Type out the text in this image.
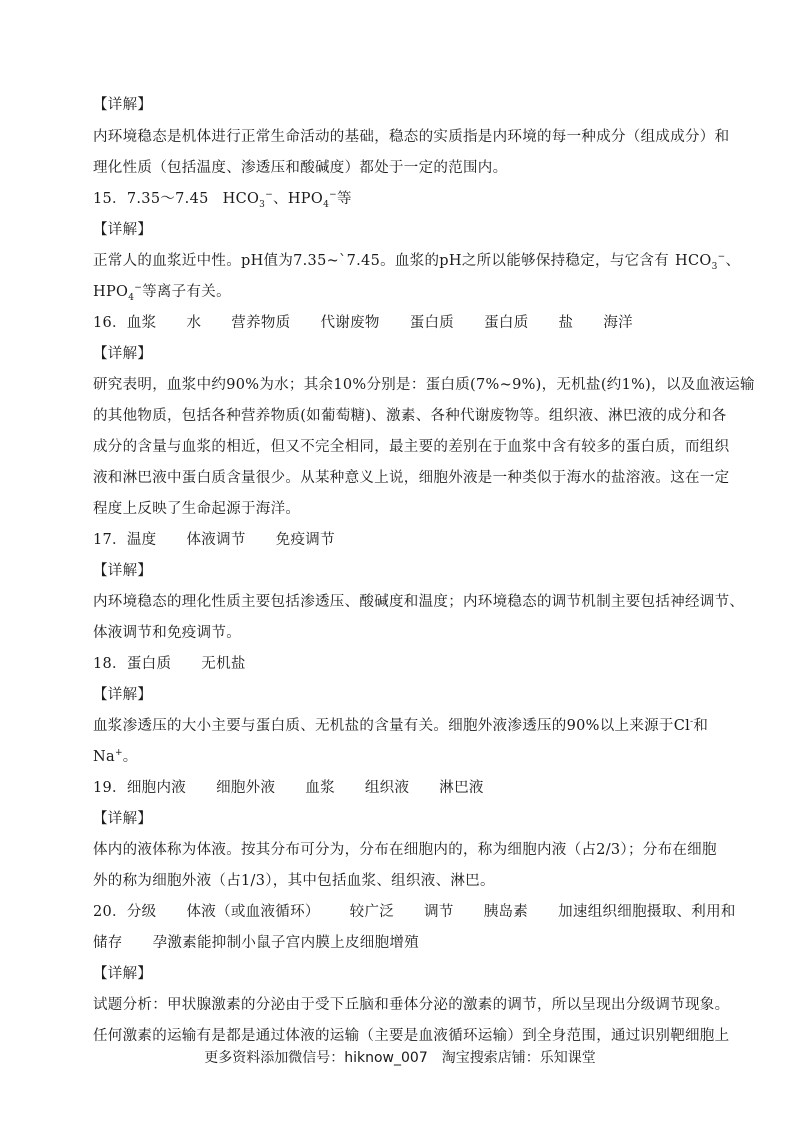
【详解】
内环境稳态是机体进行正常生命活动的基础，稳态的实质指是内环境的每一种成分（组成成分）和
理化性质（包括温度、渗透压和酸碱度）都处于一定的范围内。
15．7.35～7.45 $HCO_3^-$、$HPO_4^-$等
【详解】
正常人的血浆近中性。pH值为7.35~`7.45。血浆的pH之所以能够保持稳定，与它含有 $HCO_3^-$、
$HPO_4^-$等离子有关。
16．血浆 水 营养物质 代谢废物 蛋白质 蛋白质 盐 海洋
【详解】
研究表明，血浆中约90%为水；其余10%分别是：蛋白质(7%~9%)，无机盐(约1%)，以及血液运输
的其他物质，包括各种营养物质(如葡萄糖)、激素、各种代谢废物等。组织液、淋巴液的成分和各
成分的含量与血浆的相近，但又不完全相同，最主要的差别在于血浆中含有较多的蛋白质，而组织
液和淋巴液中蛋白质含量很少。从某种意义上说，细胞外液是一种类似于海水的盐溶液。这在一定
程度上反映了生命起源于海洋。
17．温度 体液调节 免疫调节
【详解】
内环境稳态的理化性质主要包括渗透压、酸碱度和温度；内环境稳态的调节机制主要包括神经调节、
体液调节和免疫调节。
18．蛋白质 无机盐
【详解】
血浆渗透压的大小主要与蛋白质、无机盐的含量有关。细胞外液渗透压的90%以上来源于Cl-和
Na+。
19．细胞内液 细胞外液 血浆 组织液 淋巴液
【详解】
体内的液体称为体液。按其分布可分为，分布在细胞内的，称为细胞内液（占2/3）；分布在细胞
外的称为细胞外液（占1/3），其中包括血浆、组织液、淋巴。
20．分级 体液（或血液循环） 较广泛 调节 胰岛素 加速组织细胞摄取、利用和
储存 孕激素能抑制小鼠子宫内膜上皮细胞增殖
【详解】
试题分析：甲状腺激素的分泌由于受下丘脑和垂体分泌的激素的调节，所以呈现出分级调节现象。
任何激素的运输有是都是通过体液的运输（主要是血液循环运输）到全身范围，通过识别靶细胞上
更多资料添加微信号：hiknow_007　淘宝搜索店铺：乐知课堂
